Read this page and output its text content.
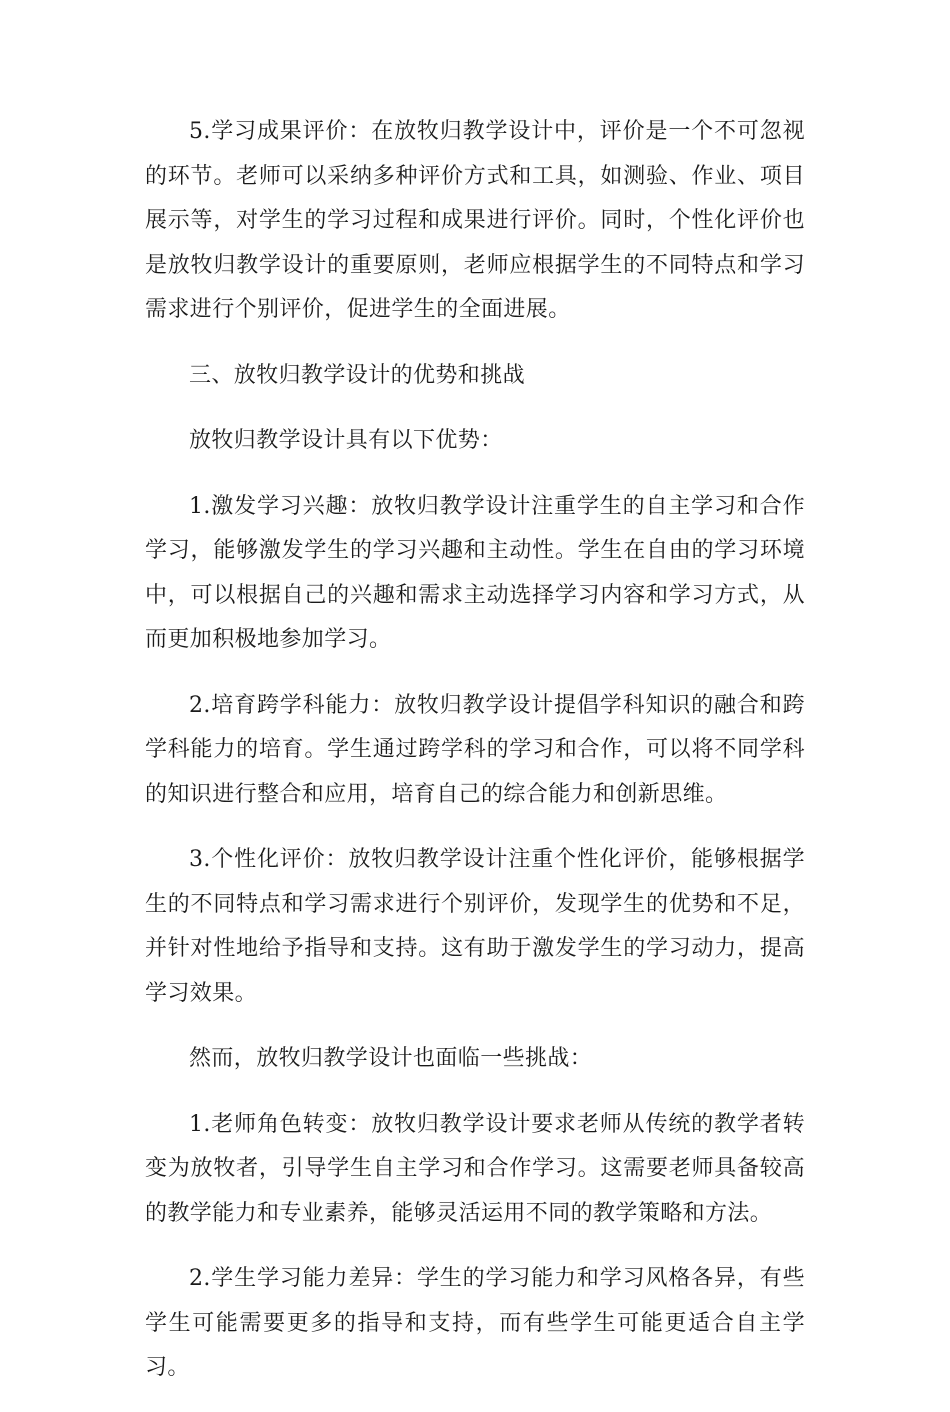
5.学习成果评价：在放牧归教学设计中，评价是一个不可忽视的环节。老师可以采纳多种评价方式和工具，如测验、作业、项目展示等，对学生的学习过程和成果进行评价。同时，个性化评价也是放牧归教学设计的重要原则，老师应根据学生的不同特点和学习需求进行个别评价，促进学生的全面进展。

三、放牧归教学设计的优势和挑战

放牧归教学设计具有以下优势：

1.激发学习兴趣：放牧归教学设计注重学生的自主学习和合作学习，能够激发学生的学习兴趣和主动性。学生在自由的学习环境中，可以根据自己的兴趣和需求主动选择学习内容和学习方式，从而更加积极地参加学习。

2.培育跨学科能力：放牧归教学设计提倡学科知识的融合和跨学科能力的培育。学生通过跨学科的学习和合作，可以将不同学科的知识进行整合和应用，培育自己的综合能力和创新思维。

3.个性化评价：放牧归教学设计注重个性化评价，能够根据学生的不同特点和学习需求进行个别评价，发现学生的优势和不足，并针对性地给予指导和支持。这有助于激发学生的学习动力，提高学习效果。

然而，放牧归教学设计也面临一些挑战：

1.老师角色转变：放牧归教学设计要求老师从传统的教学者转变为放牧者，引导学生自主学习和合作学习。这需要老师具备较高的教学能力和专业素养，能够灵活运用不同的教学策略和方法。

2.学生学习能力差异：学生的学习能力和学习风格各异，有些学生可能需要更多的指导和支持，而有些学生可能更适合自主学习。
